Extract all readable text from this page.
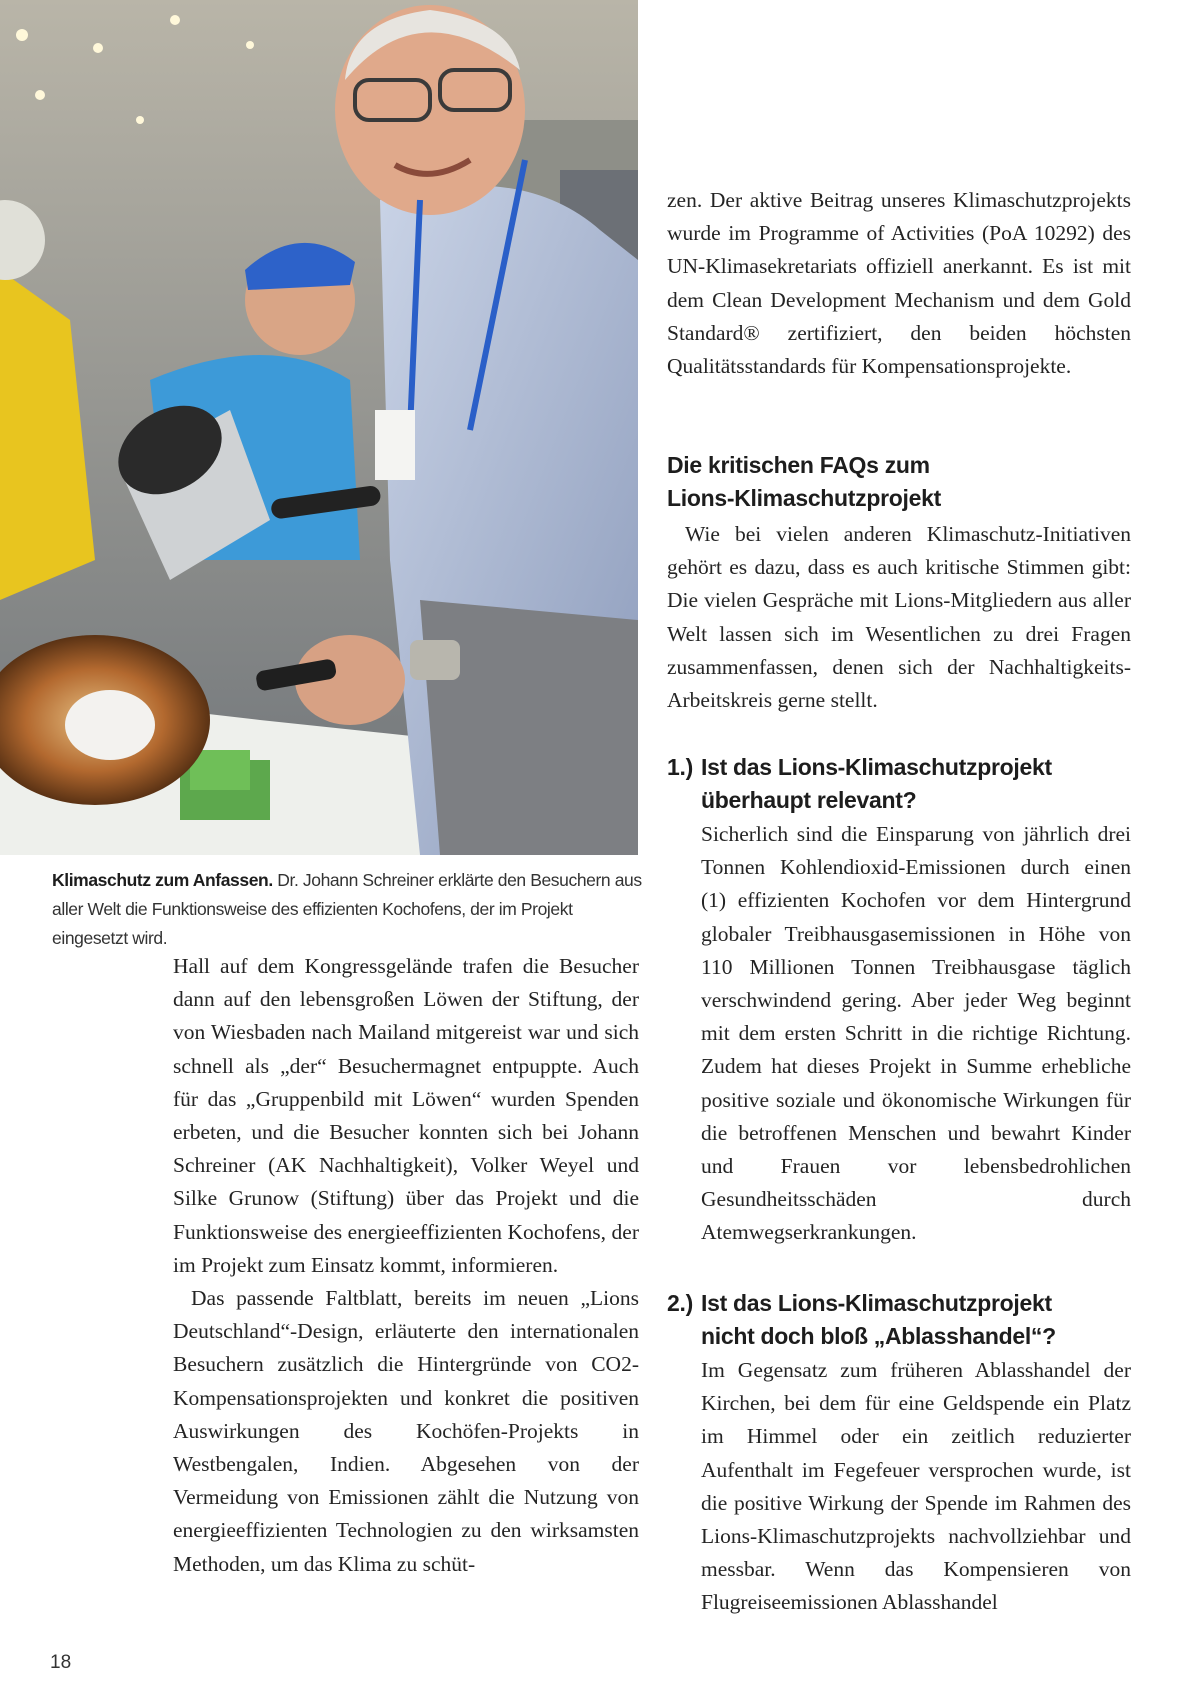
Klimaschutz zum Anfassen. Dr. Johann Schreiner erklärte den Besuchern aus aller Welt die Funktionsweise des effizienten Kochofens, der im Projekt eingesetzt wird.

Hall auf dem Kongressgelände trafen die Besucher dann auf den lebensgroßen Löwen der Stiftung, der von Wiesbaden nach Mailand mitgereist war und sich schnell als „der“ Besuchermagnet entpuppte. Auch für das „Gruppenbild mit Löwen“ wurden Spenden erbeten, und die Besucher konnten sich bei Johann Schreiner (AK Nachhaltigkeit), Volker Weyel und Silke Grunow (Stiftung) über das Projekt und die Funktionsweise des energieeffizienten Kochofens, der im Projekt zum Einsatz kommt, informieren.

Das passende Faltblatt, bereits im neuen „Lions Deutschland“-Design, erläuterte den internationalen Besuchern zusätzlich die Hintergründe von CO2-Kompensationsprojekten und konkret die positiven Auswirkungen des Kochöfen-Projekts in Westbengalen, Indien. Abgesehen von der Vermeidung von Emissionen zählt die Nutzung von energieeffizienten Technologien zu den wirksamsten Methoden, um das Klima zu schüt-

zen. Der aktive Beitrag unseres Klimaschutzprojekts wurde im Programme of Activities (PoA 10292) des UN-Klimasekretariats offiziell anerkannt. Es ist mit dem Clean Development Mechanism und dem Gold Standard® zertifiziert, den beiden höchsten Qualitätsstandards für Kompensationsprojekte.

Die kritischen FAQs zum
Lions-Klimaschutzprojekt

Wie bei vielen anderen Klimaschutz-Initiativen gehört es dazu, dass es auch kritische Stimmen gibt: Die vielen Gespräche mit Lions-Mitgliedern aus aller Welt lassen sich im Wesentlichen zu drei Fragen zusammenfassen, denen sich der Nachhaltigkeits-Arbeitskreis gerne stellt.

1.) Ist das Lions-Klimaschutzprojekt
überhaupt relevant?

Sicherlich sind die Einsparung von jährlich drei Tonnen Kohlendioxid-Emissionen durch einen (1) effizienten Kochofen vor dem Hintergrund globaler Treibhausgasemissionen in Höhe von 110 Millionen Tonnen Treibhausgase täglich verschwindend gering. Aber jeder Weg beginnt mit dem ersten Schritt in die richtige Richtung. Zudem hat dieses Projekt in Summe erhebliche positive soziale und ökonomische Wirkungen für die betroffenen Menschen und bewahrt Kinder und Frauen vor lebensbedrohlichen Gesundheitsschäden durch Atemwegserkrankungen.

2.) Ist das Lions-Klimaschutzprojekt
nicht doch bloß „Ablasshandel“?

Im Gegensatz zum früheren Ablasshandel der Kirchen, bei dem für eine Geldspende ein Platz im Himmel oder ein zeitlich reduzierter Aufenthalt im Fegefeuer versprochen wurde, ist die positive Wirkung der Spende im Rahmen des Lions-Klimaschutzprojekts nachvollziehbar und messbar. Wenn das Kompensieren von Flugreiseemissionen Ablasshandel

18
